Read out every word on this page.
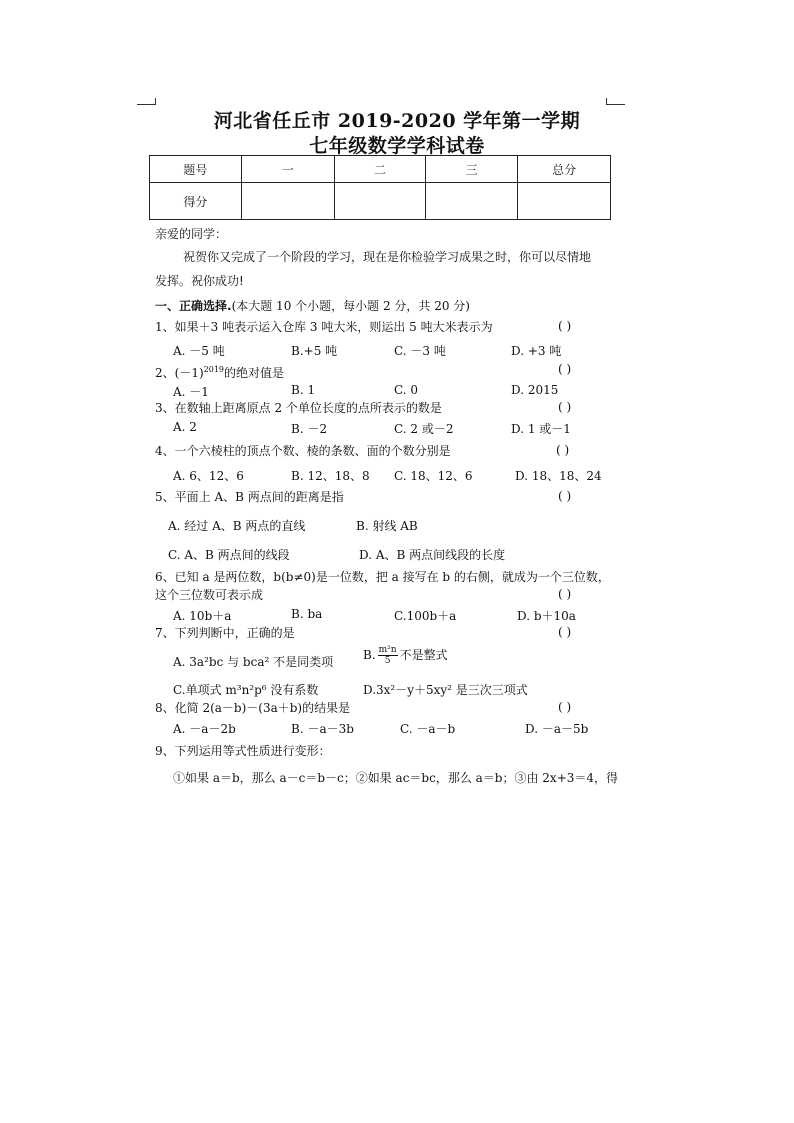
河北省任丘市 2019-2020 学年第一学期
七年级数学学科试卷
题号	一	二	三	总分
得分				
亲爱的同学：
祝贺你又完成了一个阶段的学习，现在是你检验学习成果之时，你可以尽情地
发挥。祝你成功!
一、正确选择.(本大题 10 个小题，每小题 2 分，共 20 分)
1、如果＋3 吨表示运入仓库 3 吨大米，则运出 5 吨大米表示为	( )
A. －5 吨	B.+5 吨	C. －3 吨	D. +3 吨
2、$(-1)^{2019}$的绝对值是	( )
A. －1	B. 1	C. 0	D. 2015
3、在数轴上距离原点 2 个单位长度的点所表示的数是	( )
A. 2	B. －2	C. 2 或－2	D. 1 或－1
4、一个六棱柱的顶点个数、棱的条数、面的个数分别是	( )
A. 6、12、6	B. 12、18、8 C. 18、12、6	D. 18、18、24
5、平面上 A、B 两点间的距离是指	( )
A. 经过 A、B 两点的直线	B. 射线 AB
C. A、B 两点间的线段	D. A、B 两点间线段的长度
6、已知 a 是两位数，b(b≠0)是一位数，把 a 接写在 b 的右侧，就成为一个三位数，
这个三位数可表示成	( )
A. 10b＋a	B. ba	C.100b＋a	D. b＋10a
7、下列判断中，正确的是	( )
A. 3a²bc 与 bca² 不是同类项 B. $\frac{\text{m²n}}{5}$ 不是整式
C.单项式 m³n²p⁶ 没有系数	D.3x²－y＋5xy² 是三次三项式
8、化简 2(a－b)－(3a＋b)的结果是	( )
A. －a－2b	B. －a－3b	C. －a－b	D. －a－5b
9、下列运用等式性质进行变形：
①如果 a＝b，那么 a－c＝b－c；②如果 ac＝bc，那么 a＝b；③由 2x+3＝4，得
